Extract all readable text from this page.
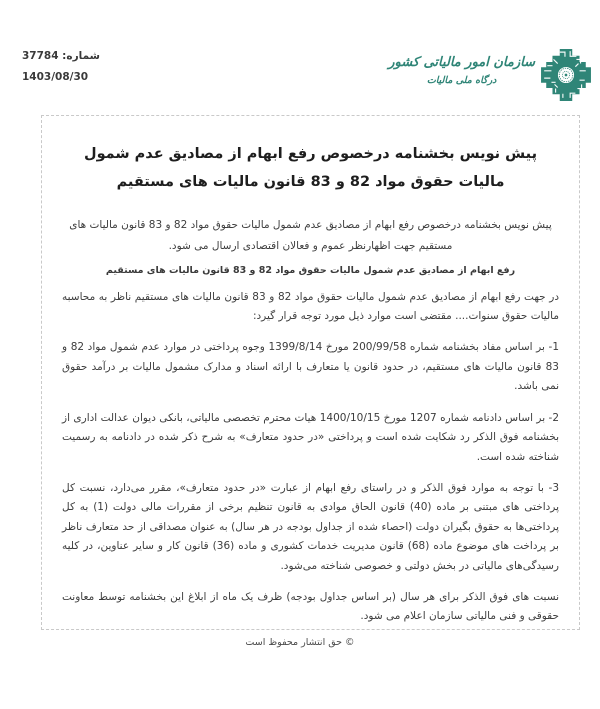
سازمان امور مالیاتی کشور
درگاه ملی مالیات
شماره: 37784
1403/08/30
پیش نویس بخشنامه درخصوص رفع ابهام از مصادیق عدم شمول مالیات حقوق مواد 82 و 83 قانون مالیات های مستقیم

پیش نویس بخشنامه درخصوص رفع ابهام از مصادیق عدم شمول مالیات حقوق مواد 82 و 83 قانون مالیات های مستقیم جهت اظهارنظر عموم و فعالان اقتصادی ارسال می شود.

رفع ابهام از مصادیق عدم شمول مالیات حقوق مواد 82 و 83 قانون مالیات های مستقیم

در جهت رفع ابهام از مصادیق عدم شمول مالیات حقوق مواد 82 و 83 قانون مالیات های مستقیم ناظر به محاسبه مالیات حقوق سنوات.... مقتضی است موارد ذیل مورد توجه قرار گیرد:

1- بر اساس مفاد بخشنامه شماره 200/99/58 مورخ 1399/8/14 وجوه پرداختی در موارد عدم شمول مواد 82 و 83 قانون مالیات های مستقیم، در حدود قانون یا متعارف با ارائه اسناد و مدارک مشمول مالیات بر درآمد حقوق نمی باشد.

2- بر اساس دادنامه شماره 1207 مورخ 1400/10/15 هیات محترم تخصصی مالیاتی، بانکی دیوان عدالت اداری از بخشنامه فوق الذکر رد شکایت شده است و پرداختی «در حدود متعارف» به شرح ذکر شده در دادنامه به رسمیت شناخته شده است.

3- با توجه به موارد فوق الذکر و در راستای رفع ابهام از عبارت «در حدود متعارف»، مقرر می‌دارد، نسبت کل پرداختی های مبتنی بر ماده (40) قانون الحاق موادی به قانون تنظیم برخی از مقررات مالی دولت (1) به کل پرداختی‌ها به حقوق بگیران دولت (احصاء شده از جداول بودجه در هر سال) به عنوان مصداقی از حد متعارف ناظر بر پرداخت های موضوع ماده (68) قانون مدیریت خدمات کشوری و ماده (36) قانون کار و سایر عناوین، در کلیه رسیدگی‌های مالیاتی در بخش دولتی و خصوصی شناخته می‌شود.

نسبت های فوق الذکر برای هر سال (بر اساس جداول بودجه) ظرف یک ماه از ابلاغ این بخشنامه توسط معاونت حقوقی و فنی مالیاتی سازمان اعلام می شود.

© حق انتشار محفوظ است
